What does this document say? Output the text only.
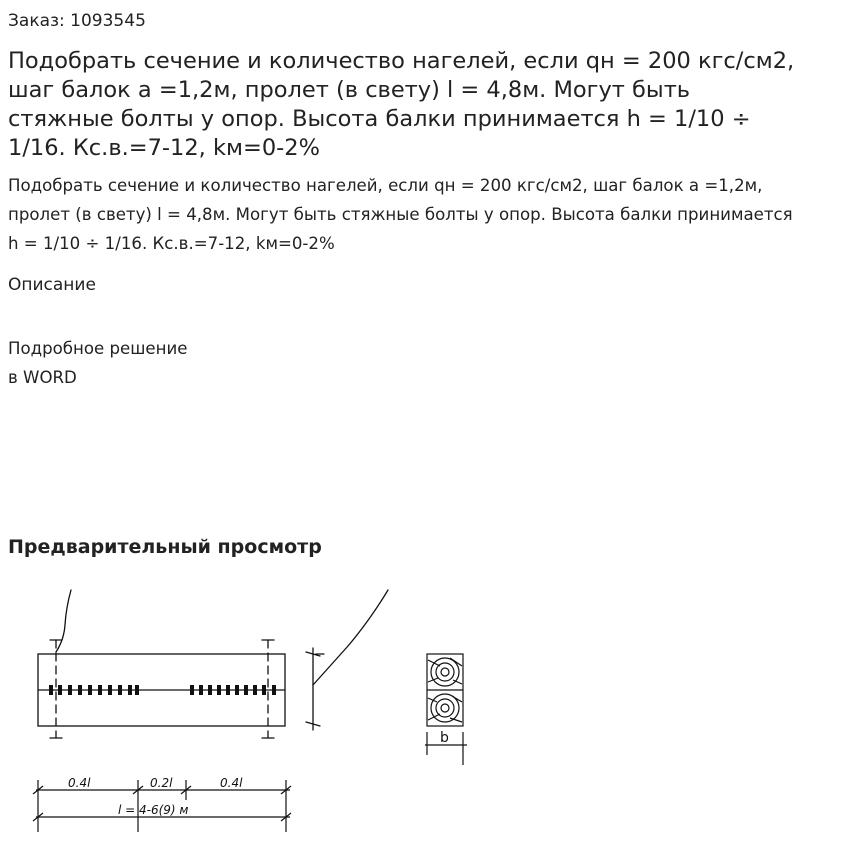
Заказ: 1093545
Подобрать сечение и количество нагелей, если qн = 200 кгс/см2, шаг балок а =1,2м, пролет (в свету) l = 4,8м. Могут быть стяжные болты у опор. Высота балки принимается h = 1/10 ÷ 1/16. Кс.в.=7-12, kм=0-2%
Подобрать сечение и количество нагелей, если qн = 200 кгс/см2, шаг балок а =1,2м, пролет (в свету) l = 4,8м. Могут быть стяжные болты у опор. Высота балки принимается h = 1/10 ÷ 1/16. Кс.в.=7-12, kм=0-2%
Описание
Подробное решение
в WORD
Предварительный просмотр
b
0.4l	0.2l	0.4l
l = 4-6(9) м
